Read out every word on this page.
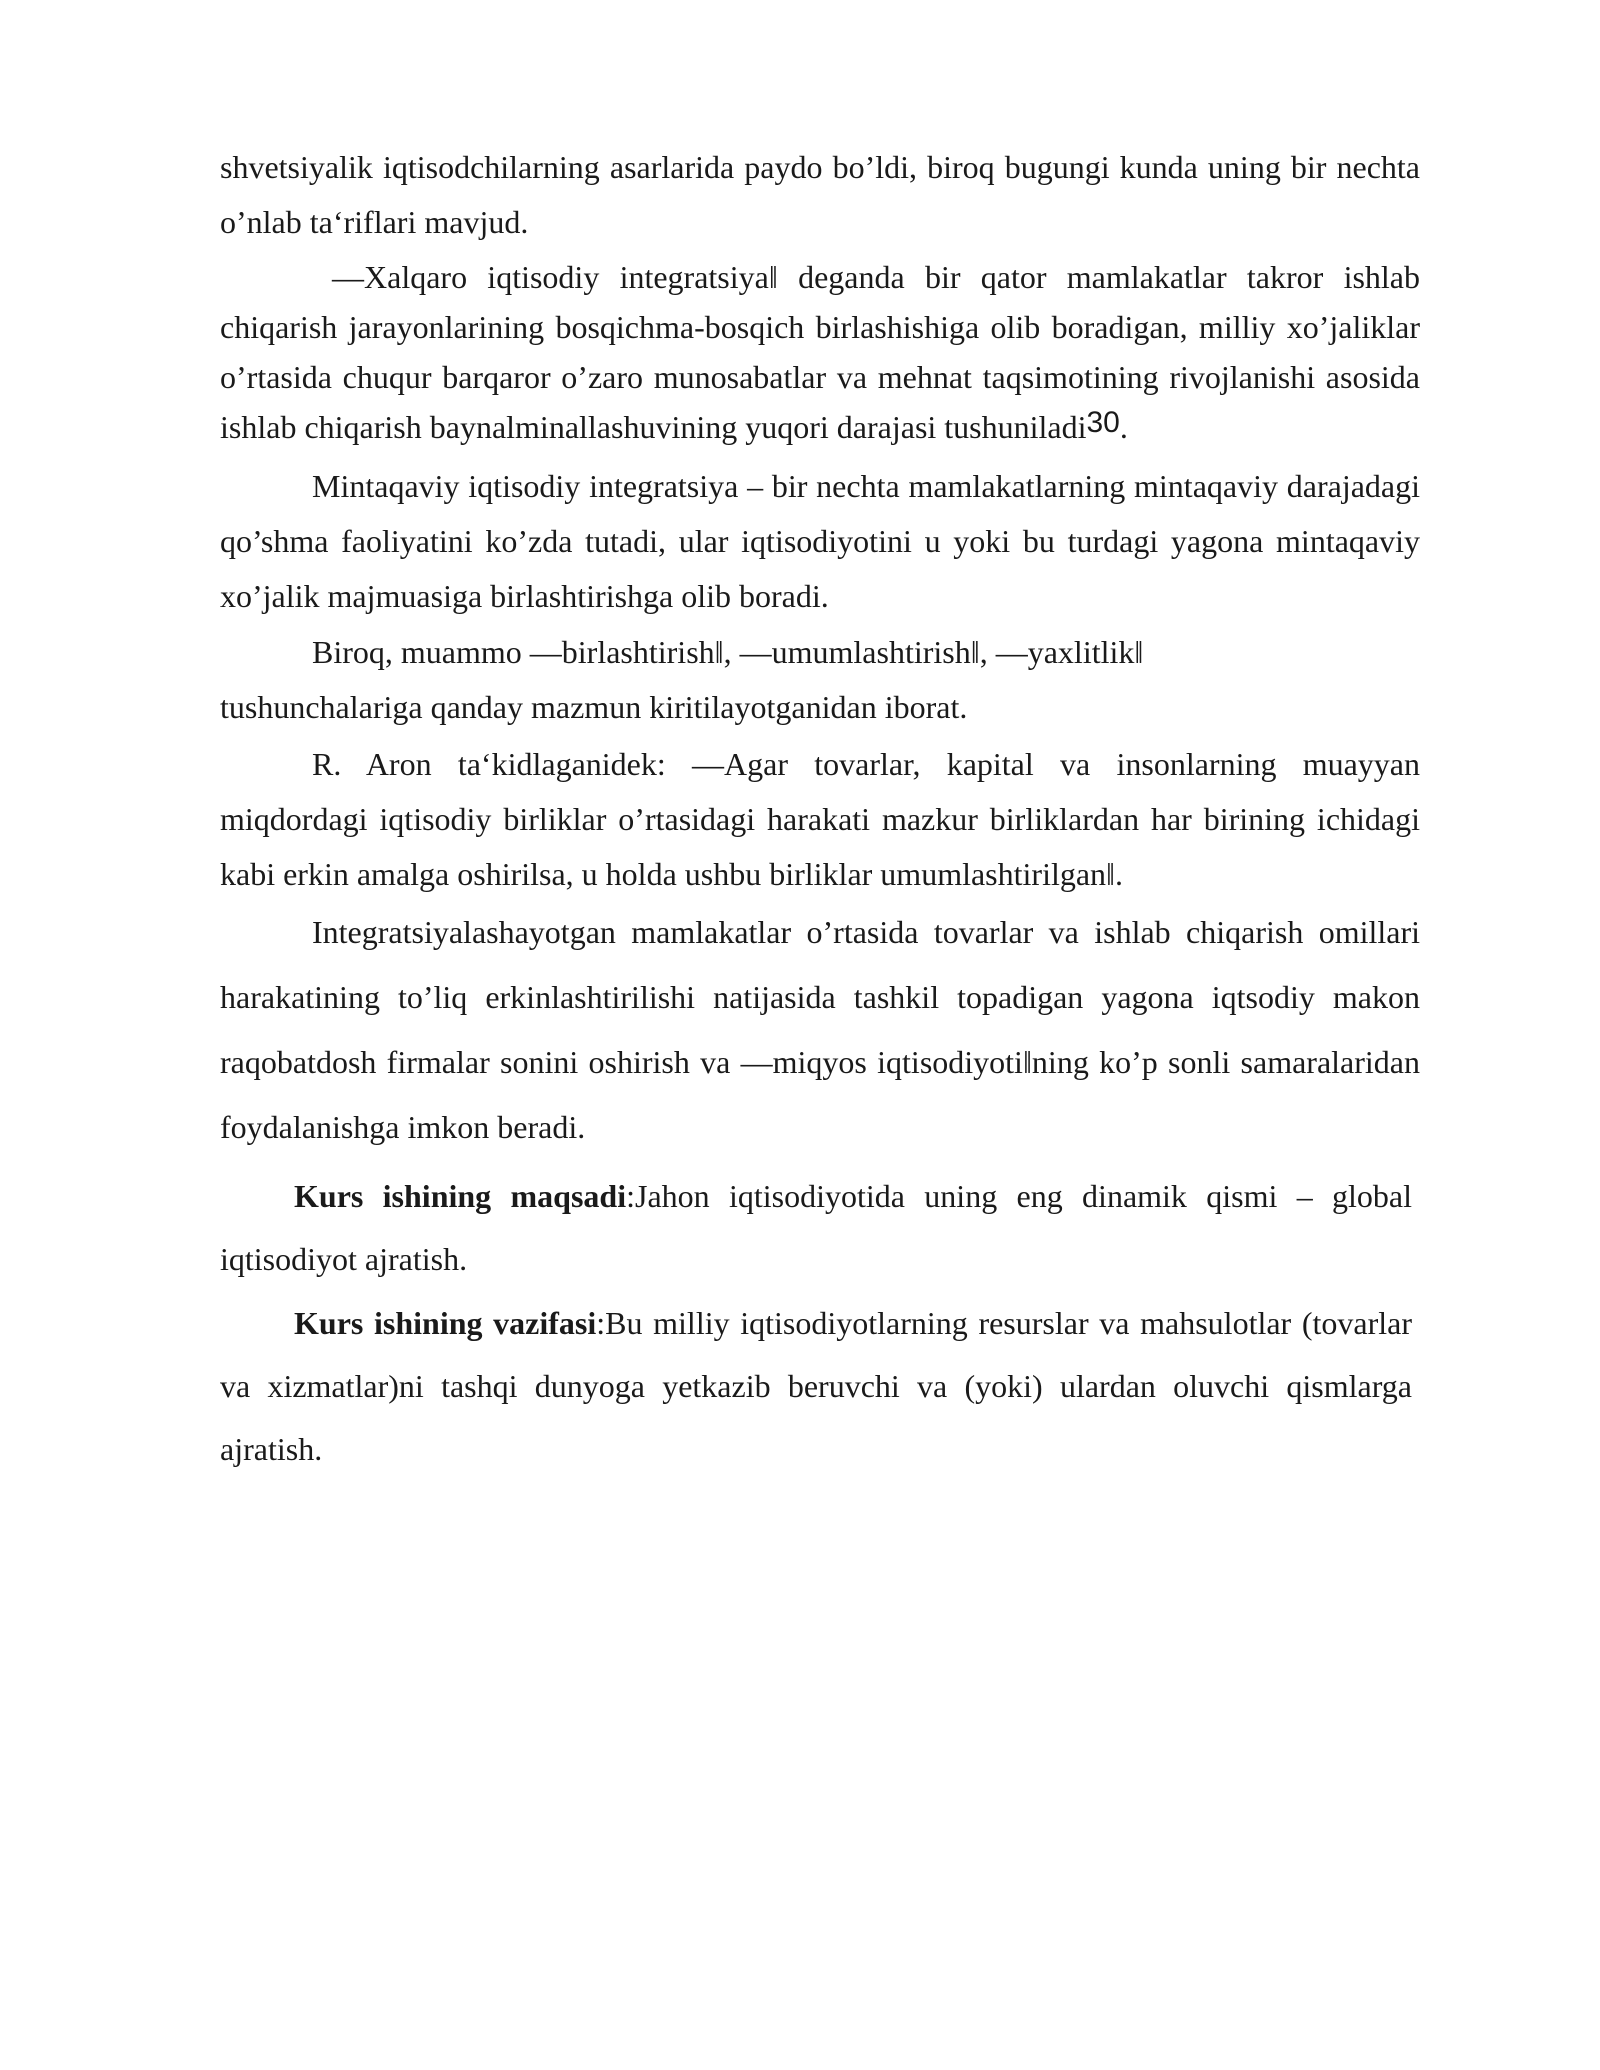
shvetsiyalik iqtisodchilarning asarlarida paydo bo’ldi, biroq bugungi kunda uning bir nechta o’nlab ta‘riflari mavjud.

―Xalqaro iqtisodiy integratsiya‖ deganda bir qator mamlakatlar takror ishlab chiqarish jarayonlarining bosqichma-bosqich birlashishiga olib boradigan, milliy xo’jaliklar o’rtasida chuqur barqaror o’zaro munosabatlar va mehnat taqsimotining rivojlanishi asosida ishlab chiqarish baynalminallashuvining yuqori darajasi tushuniladi30.

Mintaqaviy iqtisodiy integratsiya – bir nechta mamlakatlarning mintaqaviy darajadagi qo’shma faoliyatini ko’zda tutadi, ular iqtisodiyotini u yoki bu turdagi yagona mintaqaviy xo’jalik majmuasiga birlashtirishga olib boradi.

Biroq, muammo ―birlashtirish‖, ―umumlashtirish‖, ―yaxlitlik‖
tushunchalariga qanday mazmun kiritilayotganidan iborat.

R. Aron ta‘kidlaganidek: ―Agar tovarlar, kapital va insonlarning muayyan miqdordagi iqtisodiy birliklar o’rtasidagi harakati mazkur birliklardan har birining ichidagi kabi erkin amalga oshirilsa, u holda ushbu birliklar umumlashtirilgan‖.

Integratsiyalashayotgan mamlakatlar o’rtasida tovarlar va ishlab chiqarish omillari harakatining to’liq erkinlashtirilishi natijasida tashkil topadigan yagona iqtsodiy makon raqobatdosh firmalar sonini oshirish va ―miqyos iqtisodiyoti‖ning ko’p sonli samaralaridan foydalanishga imkon beradi.

Kurs ishining maqsadi:Jahon iqtisodiyotida uning eng dinamik qismi – global iqtisodiyot ajratish.

Kurs ishining vazifasi:Bu milliy iqtisodiyotlarning resurslar va mahsulotlar (tovarlar va xizmatlar)ni tashqi dunyoga yetkazib beruvchi va (yoki) ulardan oluvchi qismlarga ajratish.
